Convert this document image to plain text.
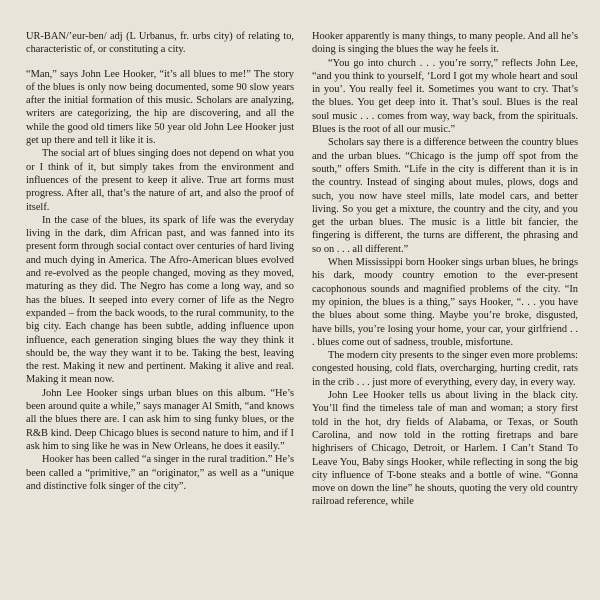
UR-BAN/’eur-ben/ adj (L Urbanus, fr. urbs city) of relating to, characteristic of, or constituting a city.

“Man,” says John Lee Hooker, “it’s all blues to me!” The story of the blues is only now being documented, some 90 slow years after the initial formation of this music. Scholars are analyzing, writers are categorizing, the hip are discovering, and all the while the good old timers like 50 year old John Lee Hooker just get up there and tell it like it is.

The social art of blues singing does not depend on what you or I think of it, but simply takes from the environment and influences of the present to keep it alive. True art forms must progress. After all, that’s the nature of art, and also the proof of itself.

In the case of the blues, its spark of life was the everyday living in the dark, dim African past, and was fanned into its present form through social contact over centuries of hard living and much dying in America. The Afro-American blues evolved and re-evolved as the people changed, moving as they moved, maturing as they did. The Negro has come a long way, and so has the blues. It seeped into every corner of life as the Negro expanded – from the back woods, to the rural community, to the big city. Each change has been subtle, adding influence upon influence, each generation singing blues the way they think it should be, the way they want it to be. Taking the best, leaving the rest. Making it new and pertinent. Making it alive and real. Making it mean now.

John Lee Hooker sings urban blues on this album. “He’s been around quite a while,” says manager Al Smith, “and knows all the blues there are. I can ask him to sing funky blues, or the R&B kind. Deep Chicago blues is second nature to him, and if I ask him to sing like he was in New Orleans, he does it easily.”

Hooker has been called “a singer in the rural tradition.” He’s been called a “primitive,” an “originator,” as well as a “unique and distinctive folk singer of the city”.

Hooker apparently is many things, to many people. And all he’s doing is singing the blues the way he feels it.

“You go into church . . . you’re sorry,” reflects John Lee, “and you think to yourself, ‘Lord I got my whole heart and soul in you’. You really feel it. Sometimes you want to cry. That’s the blues. You get deep into it. That’s soul. Blues is the real soul music . . . comes from way, way back, from the spirituals. Blues is the root of all our music.”

Scholars say there is a difference between the country blues and the urban blues. “Chicago is the jump off spot from the south,” offers Smith. “Life in the city is different than it is in the country. Instead of singing about mules, plows, dogs and such, you now have steel mills, late model cars, and better living. So you get a mixture, the country and the city, and you get the urban blues. The music is a little bit fancier, the fingering is different, the turns are different, the phrasing and so on . . . all different.”

When Mississippi born Hooker sings urban blues, he brings his dark, moody country emotion to the ever-present cacophonous sounds and magnified problems of the city. “In my opinion, the blues is a thing,” says Hooker, “. . . you have the blues about some thing. Maybe you’re broke, disgusted, have bills, you’re losing your home, your car, your girlfriend . . . blues come out of sadness, trouble, misfortune.

The modern city presents to the singer even more problems: congested housing, cold flats, overcharging, hurting credit, rats in the crib . . . just more of everything, every day, in every way.

John Lee Hooker tells us about living in the black city. You’ll find the timeless tale of man and woman; a story first told in the hot, dry fields of Alabama, or Texas, or South Carolina, and now told in the rotting firetraps and bare highrisers of Chicago, Detroit, or Harlem. I Can’t Stand To Leave You, Baby sings Hooker, while reflecting in song the big city influence of T-bone steaks and a bottle of wine. “Gonna move on down the line” he shouts, quoting the very old country railroad reference, while
